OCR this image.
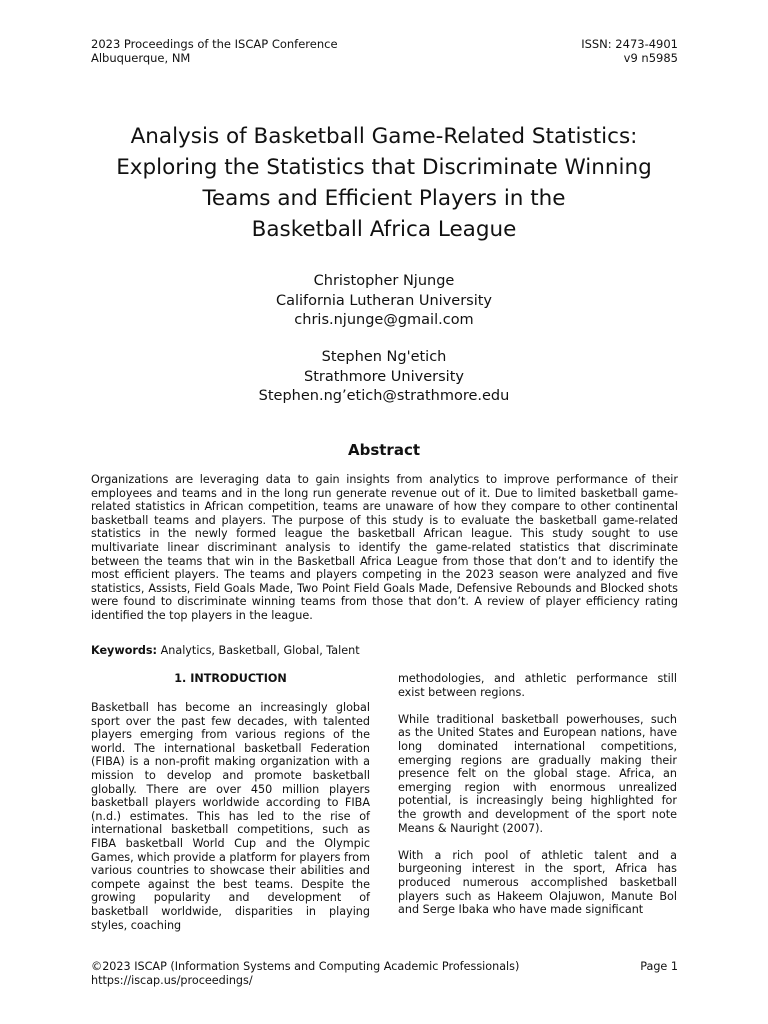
2023 Proceedings of the ISCAP Conference
Albuquerque, NM
ISSN: 2473-4901
v9 n5985
Analysis of Basketball Game-Related Statistics:
Exploring the Statistics that Discriminate Winning
Teams and Efficient Players in the
Basketball Africa League
Christopher Njunge
California Lutheran University
chris.njunge@gmail.com
Stephen Ng'etich
Strathmore University
Stephen.ng’etich@strathmore.edu
Abstract

Organizations are leveraging data to gain insights from analytics to improve performance of their employees and teams and in the long run generate revenue out of it. Due to limited basketball game-related statistics in African competition, teams are unaware of how they compare to other continental basketball teams and players. The purpose of this study is to evaluate the basketball game-related statistics in the newly formed league the basketball African league. This study sought to use multivariate linear discriminant analysis to identify the game-related statistics that discriminate between the teams that win in the Basketball Africa League from those that don’t and to identify the most efficient players. The teams and players competing in the 2023 season were analyzed and five statistics, Assists, Field Goals Made, Two Point Field Goals Made, Defensive Rebounds and Blocked shots were found to discriminate winning teams from those that don’t. A review of player efficiency rating identified the top players in the league.

Keywords: Analytics, Basketball, Global, Talent

1. INTRODUCTION

Basketball has become an increasingly global sport over the past few decades, with talented players emerging from various regions of the world. The international basketball Federation (FIBA) is a non-profit making organization with a mission to develop and promote basketball globally. There are over 450 million players basketball players worldwide according to FIBA (n.d.) estimates. This has led to the rise of international basketball competitions, such as FIBA basketball World Cup and the Olympic Games, which provide a platform for players from various countries to showcase their abilities and compete against the best teams. Despite the growing popularity and development of basketball worldwide, disparities in playing styles, coaching

methodologies, and athletic performance still exist between regions.

While traditional basketball powerhouses, such as the United States and European nations, have long dominated international competitions, emerging regions are gradually making their presence felt on the global stage. Africa, an emerging region with enormous unrealized potential, is increasingly being highlighted for the growth and development of the sport note Means & Nauright (2007).

With a rich pool of athletic talent and a burgeoning interest in the sport, Africa has produced numerous accomplished basketball players such as Hakeem Olajuwon, Manute Bol and Serge Ibaka who have made significant

©2023 ISCAP (Information Systems and Computing Academic Professionals)
https://iscap.us/proceedings/
Page 1
